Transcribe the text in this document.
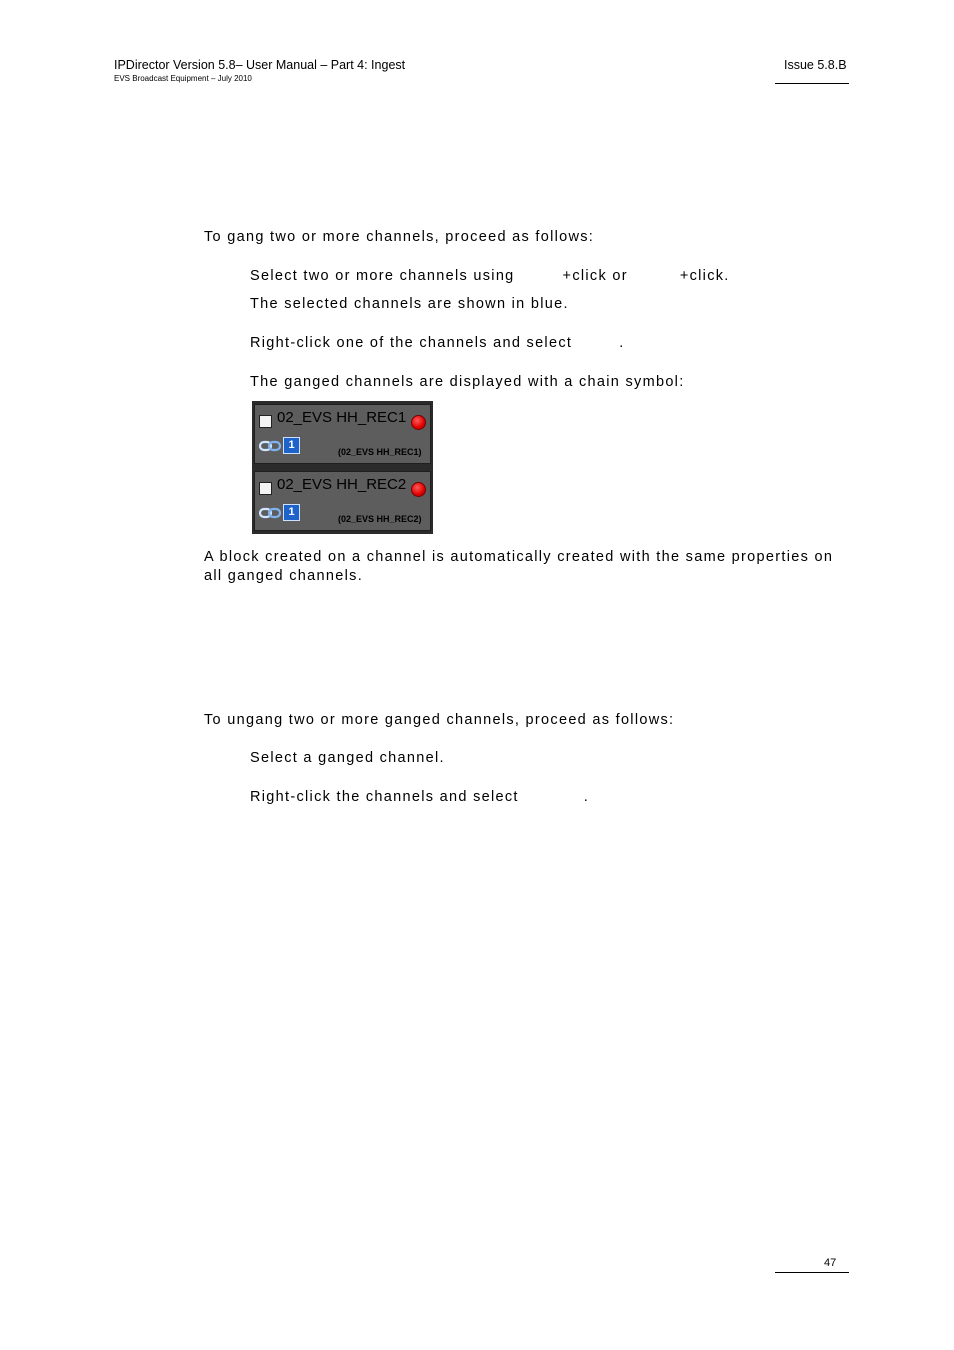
IPDirector Version 5.8– User Manual – Part 4: Ingest
EVS Broadcast Equipment – July 2010
Issue 5.8.B
To gang two or more channels, proceed as follows:
Select two or more channels using	+click or	+click.
The selected channels are shown in blue.
Right-click one of the channels and select	.
The ganged channels are displayed with a chain symbol:
02_EVS HH_REC1
1
(02_EVS HH_REC1)
02_EVS HH_REC2
1
(02_EVS HH_REC2)
A block created on a channel is automatically created with the same properties on
all ganged channels.
To ungang two or more ganged channels, proceed as follows:
Select a ganged channel.
Right-click the channels and select	.
47
